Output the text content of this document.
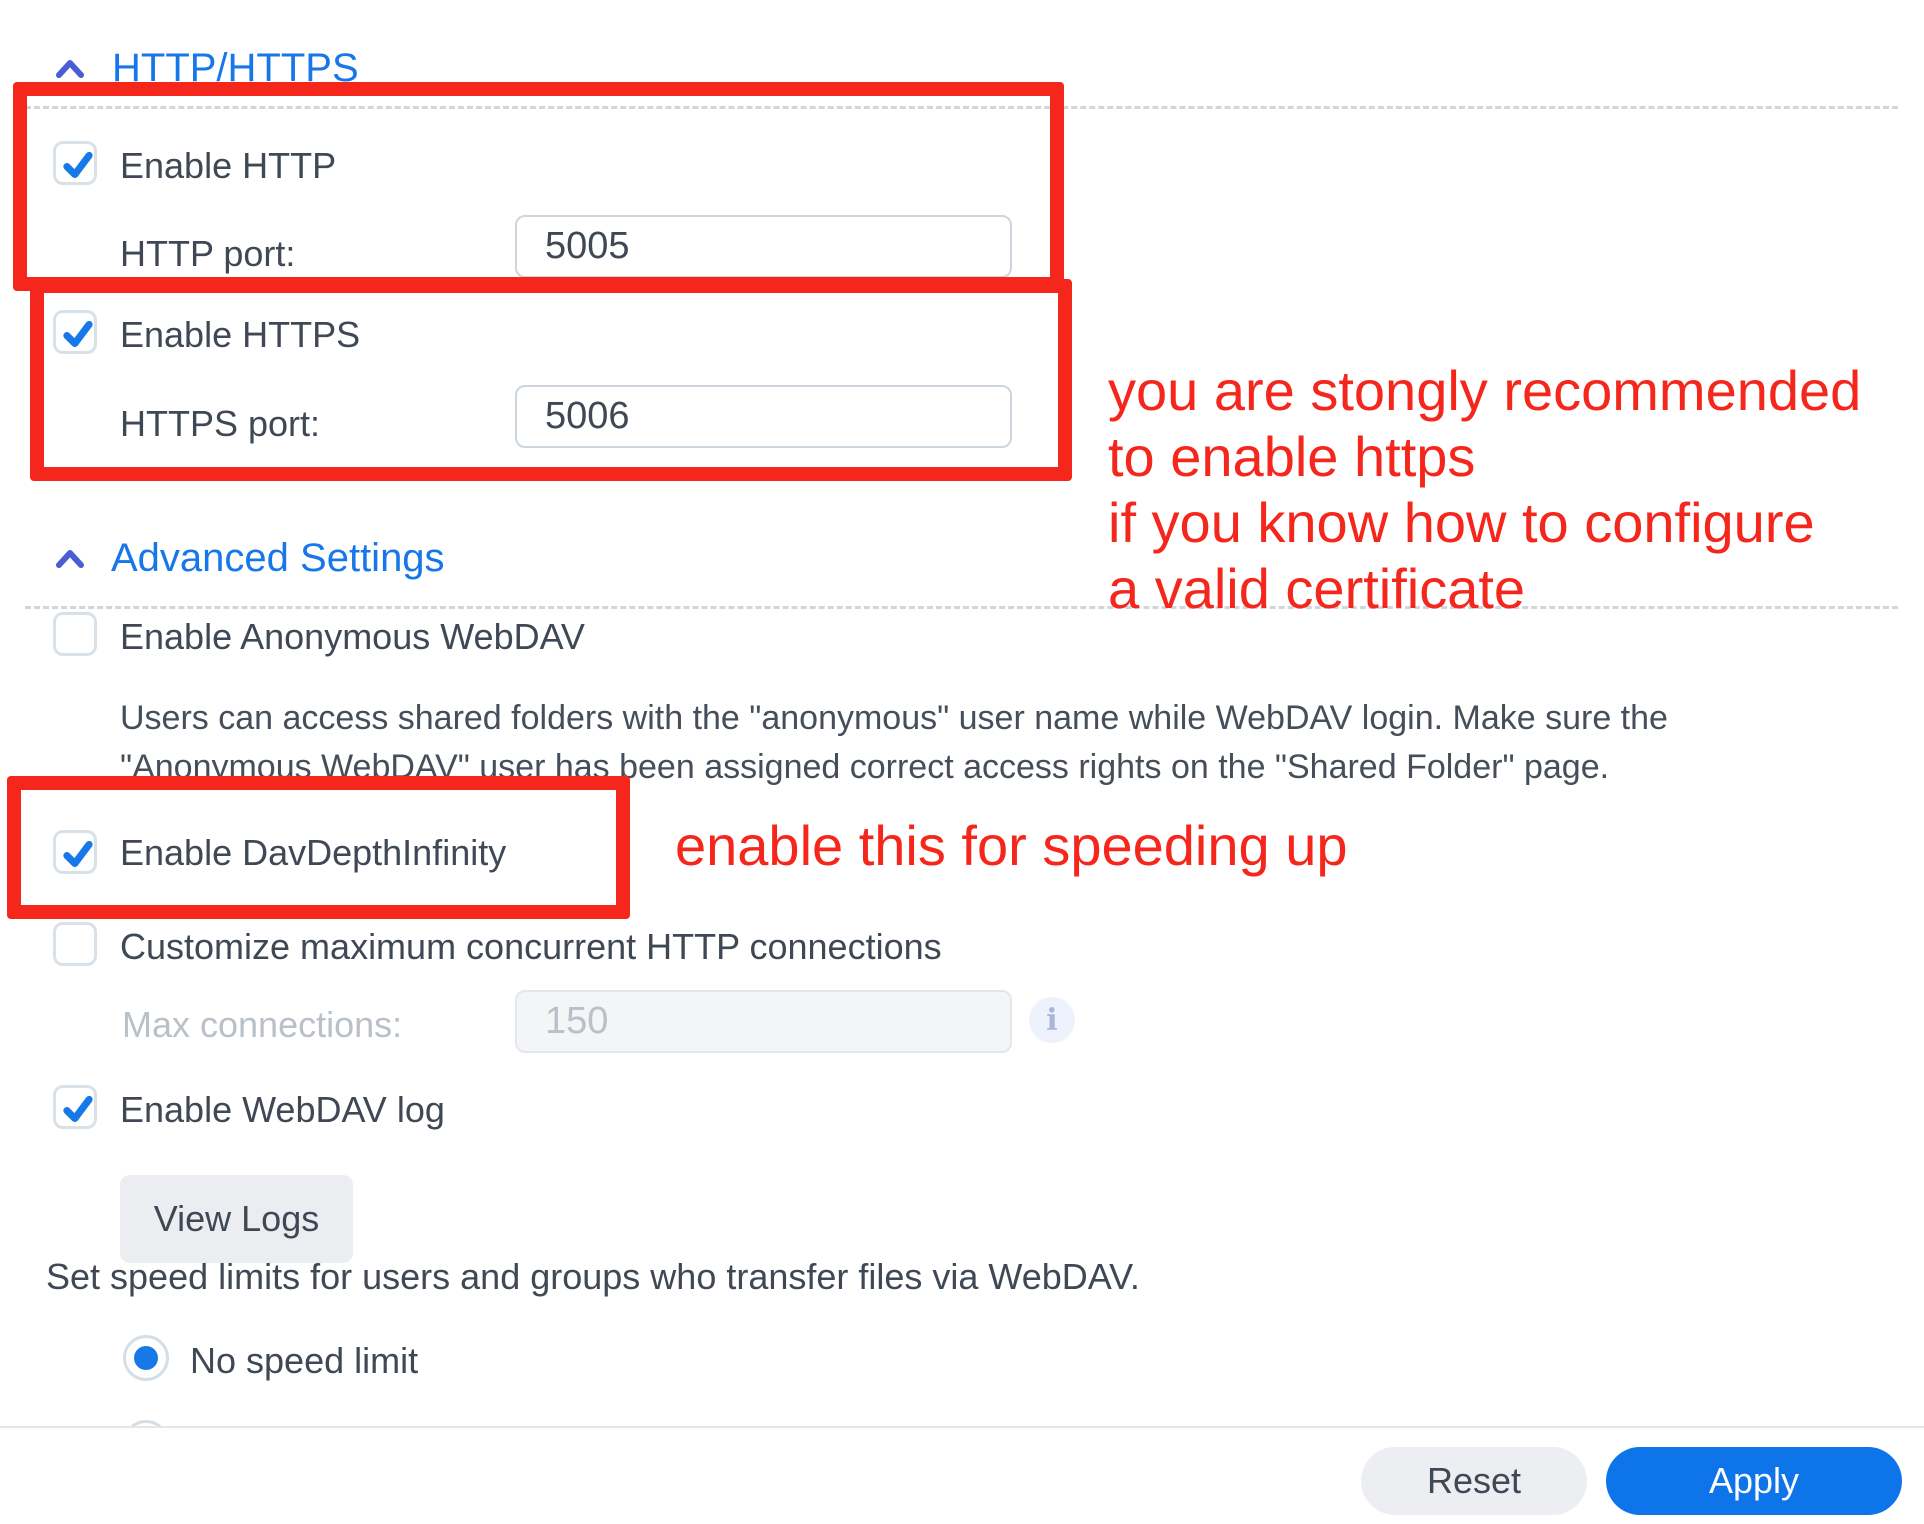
HTTP/HTTPS
Enable HTTP
HTTP port:	5005
Enable HTTPS
HTTPS port:	5006
Advanced Settings
Enable Anonymous WebDAV
Users can access shared folders with the "anonymous" user name while WebDAV login. Make sure the
"Anonymous WebDAV" user has been assigned correct access rights on the "Shared Folder" page.
Enable DavDepthInfinity
Customize maximum concurrent HTTP connections
Max connections:	150	i
Enable WebDAV log
View Logs
Set speed limits for users and groups who transfer files via WebDAV.
No speed limit
Reset	Apply
you are stongly recommended
to enable https
if you know how to configure
a valid certificate
enable this for speeding up
